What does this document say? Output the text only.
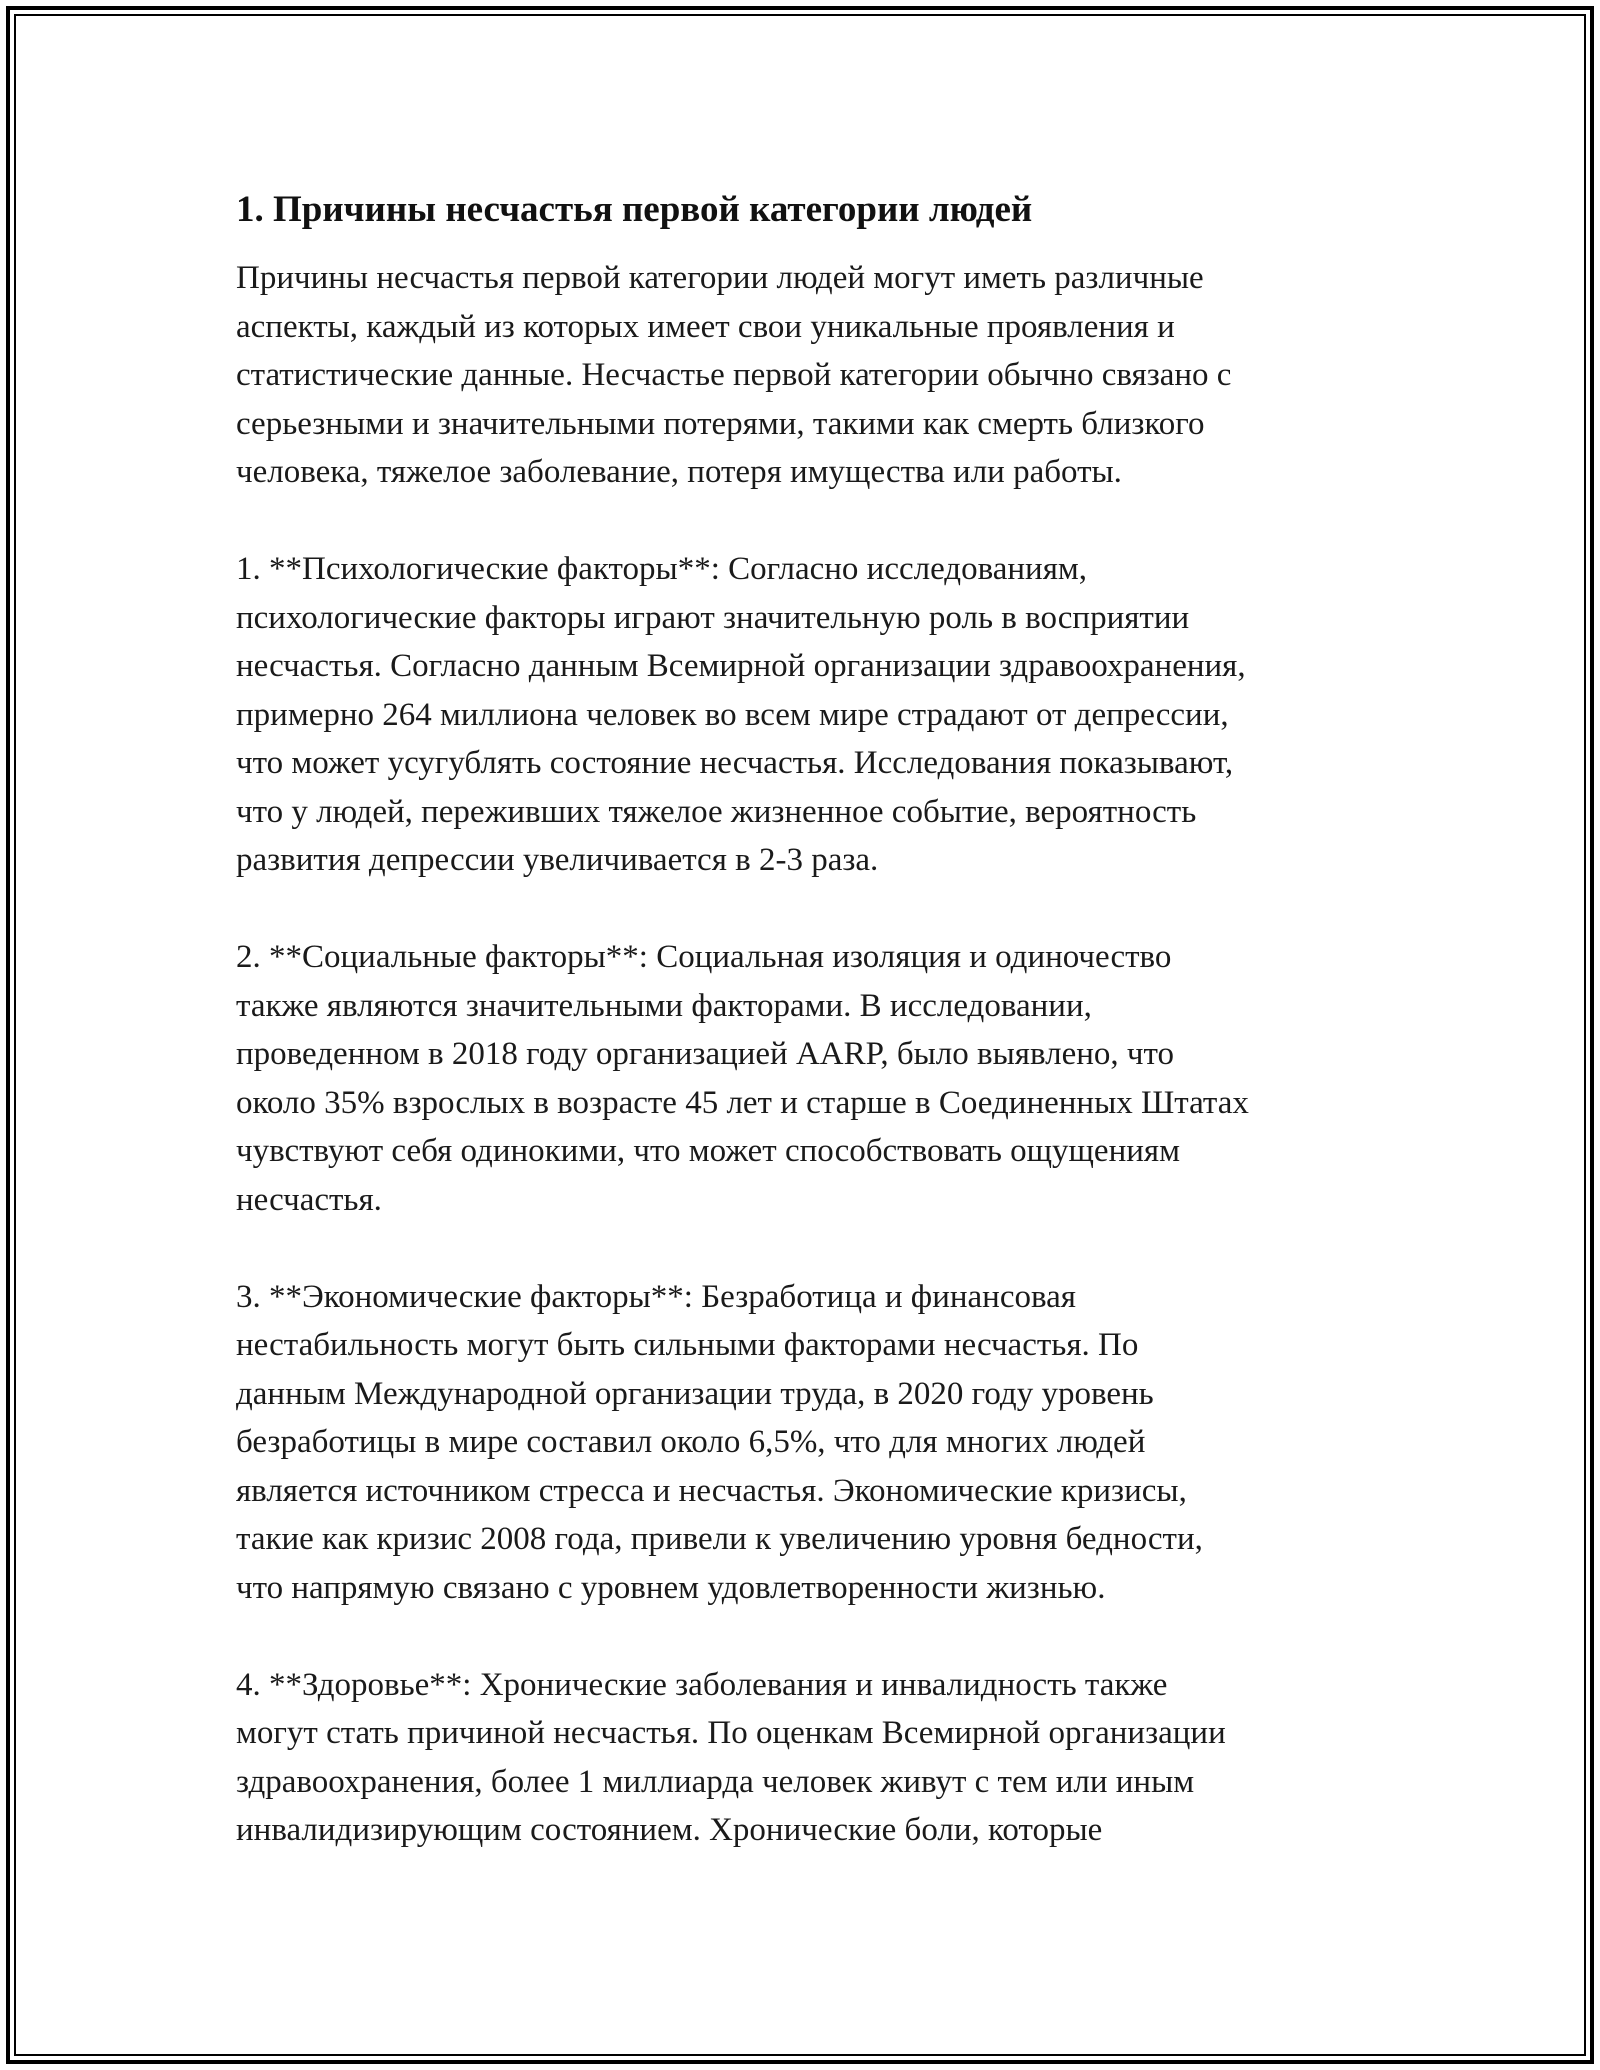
1. Причины несчастья первой категории людей

Причины несчастья первой категории людей могут иметь различные
аспекты, каждый из которых имеет свои уникальные проявления и
статистические данные. Несчастье первой категории обычно связано с
серьезными и значительными потерями, такими как смерть близкого
человека, тяжелое заболевание, потеря имущества или работы.

1. **Психологические факторы**: Согласно исследованиям,
психологические факторы играют значительную роль в восприятии
несчастья. Согласно данным Всемирной организации здравоохранения,
примерно 264 миллиона человек во всем мире страдают от депрессии,
что может усугублять состояние несчастья. Исследования показывают,
что у людей, переживших тяжелое жизненное событие, вероятность
развития депрессии увеличивается в 2-3 раза.

2. **Социальные факторы**: Социальная изоляция и одиночество
также являются значительными факторами. В исследовании,
проведенном в 2018 году организацией AARP, было выявлено, что
около 35% взрослых в возрасте 45 лет и старше в Соединенных Штатах
чувствуют себя одинокими, что может способствовать ощущениям
несчастья.

3. **Экономические факторы**: Безработица и финансовая
нестабильность могут быть сильными факторами несчастья. По
данным Международной организации труда, в 2020 году уровень
безработицы в мире составил около 6,5%, что для многих людей
является источником стресса и несчастья. Экономические кризисы,
такие как кризис 2008 года, привели к увеличению уровня бедности,
что напрямую связано с уровнем удовлетворенности жизнью.

4. **Здоровье**: Хронические заболевания и инвалидность также
могут стать причиной несчастья. По оценкам Всемирной организации
здравоохранения, более 1 миллиарда человек живут с тем или иным
инвалидизирующим состоянием. Хронические боли, которые
